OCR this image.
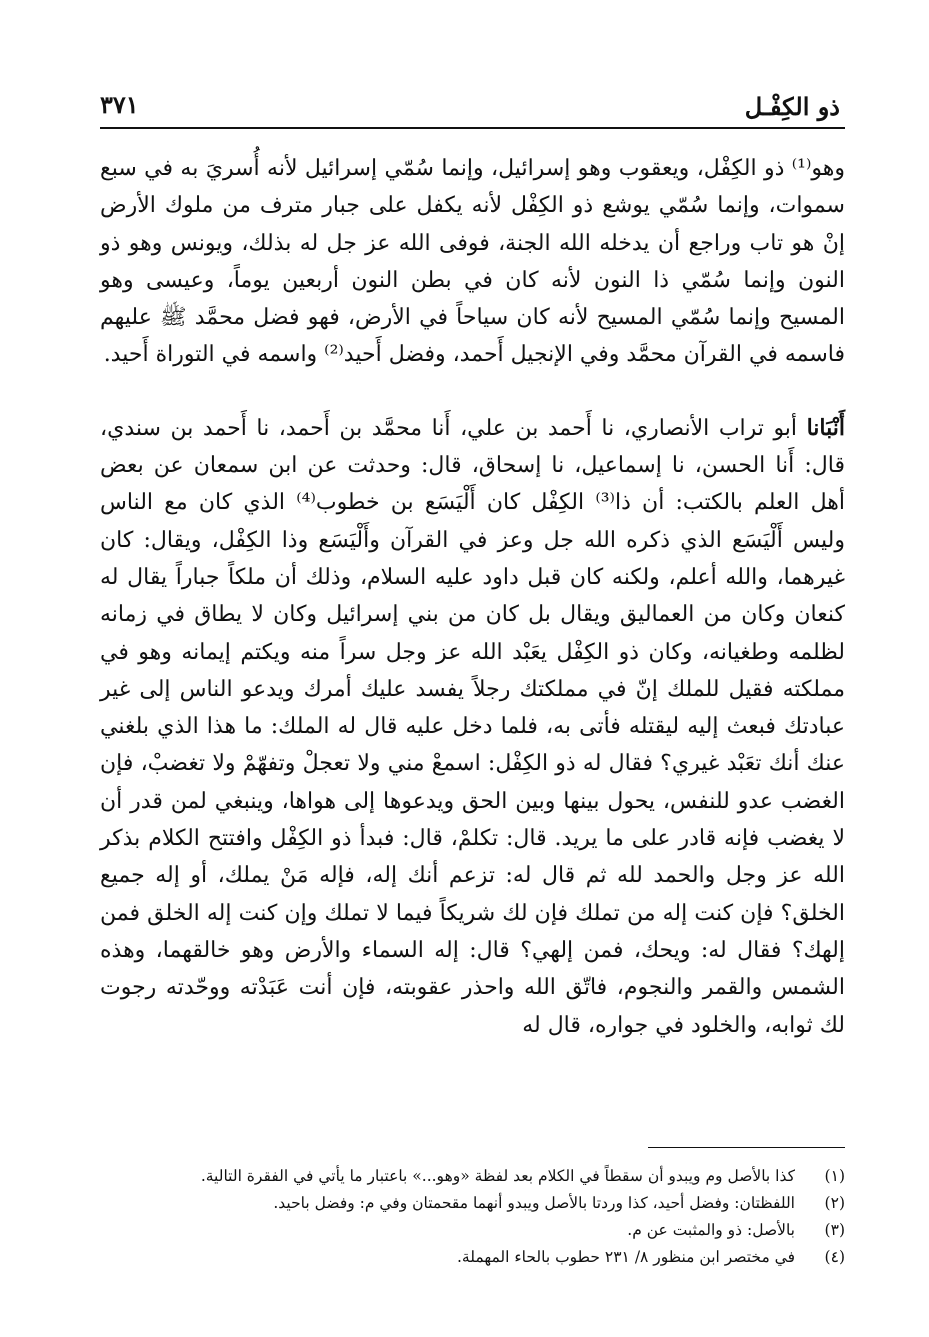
ذو الكِفْـل
٣٧١

وهو⁽¹⁾ ذو الكِفْل، ويعقوب وهو إسرائيل، وإنما سُمّي إسرائيل لأنه أُسريَ به في سبع سموات، وإنما سُمّي يوشع ذو الكِفْل لأنه يكفل على جبار مترف من ملوك الأرض إنْ هو تاب وراجع أن يدخله الله الجنة، فوفى الله عز جل له بذلك، ويونس وهو ذو النون وإنما سُمّي ذا النون لأنه كان في بطن النون أربعين يوماً، وعيسى وهو المسيح وإنما سُمّي المسيح لأنه كان سياحاً في الأرض، فهو فضل محمَّد ﷺ عليهم فاسمه في القرآن محمَّد وفي الإنجيل أَحمد، وفضل أَحيد⁽²⁾ واسمه في التوراة أَحيد.

أَنْبَانا أبو تراب الأنصاري، نا أَحمد بن علي، أَنا محمَّد بن أَحمد، نا أَحمد بن سندي، قال: أَنا الحسن، نا إسماعيل، نا إسحاق، قال: وحدثت عن ابن سمعان عن بعض أهل العلم بالكتب: أن ذا⁽³⁾ الكِفْل كان أَلْيَسَع بن خطوب⁽⁴⁾ الذي كان مع الناس وليس أَلْيَسَع الذي ذكره الله جل وعز في القرآن وأَلْيَسَع وذا الكِفْل، ويقال: كان غيرهما، والله أعلم، ولكنه كان قبل داود عليه السلام، وذلك أن ملكاً جباراً يقال له كنعان وكان من العماليق ويقال بل كان من بني إسرائيل وكان لا يطاق في زمانه لظلمه وطغيانه، وكان ذو الكِفْل يعَبْد الله عز وجل سراً منه ويكتم إيمانه وهو في مملكته فقيل للملك إنّ في مملكتك رجلاً يفسد عليك أمرك ويدعو الناس إلى غير عبادتك فبعث إليه ليقتله فأتى به، فلما دخل عليه قال له الملك: ما هذا الذي بلغني عنك أنك تعَبْد غيري؟ فقال له ذو الكِفْل: اسمعْ مني ولا تعجلْ وتفهّمْ ولا تغضبْ، فإن الغضب عدو للنفس، يحول بينها وبين الحق ويدعوها إلى هواها، وينبغي لمن قدر أن لا يغضب فإنه قادر على ما يريد. قال: تكلمْ، قال: فبدأ ذو الكِفْل وافتتح الكلام بذكر الله عز وجل والحمد لله ثم قال له: تزعم أنك إله، فإله مَنْ يملك، أو إله جميع الخلق؟ فإن كنت إله من تملك فإن لك شريكاً فيما لا تملك وإن كنت إله الخلق فمن إلهك؟ فقال له: ويحك، فمن إلهي؟ قال: إله السماء والأرض وهو خالقهما، وهذه الشمس والقمر والنجوم، فاتّق الله واحذر عقوبته، فإن أنت عَبَدْته ووحّدته رجوت لك ثوابه، والخلود في جواره، قال له

(١)كذا بالأصل وم ويبدو أن سقطاً في الكلام بعد لفظة «وهو...» باعتبار ما يأتي في الفقرة التالية.

(٢)اللفظتان: وفضل أحيد، كذا وردتا بالأصل ويبدو أنهما مقحمتان وفي م: وفضل باحيد.

(٣)بالأصل: ذو والمثبت عن م.

(٤)في مختصر ابن منظور ٨/ ٢٣١ حطوب بالحاء المهملة.
